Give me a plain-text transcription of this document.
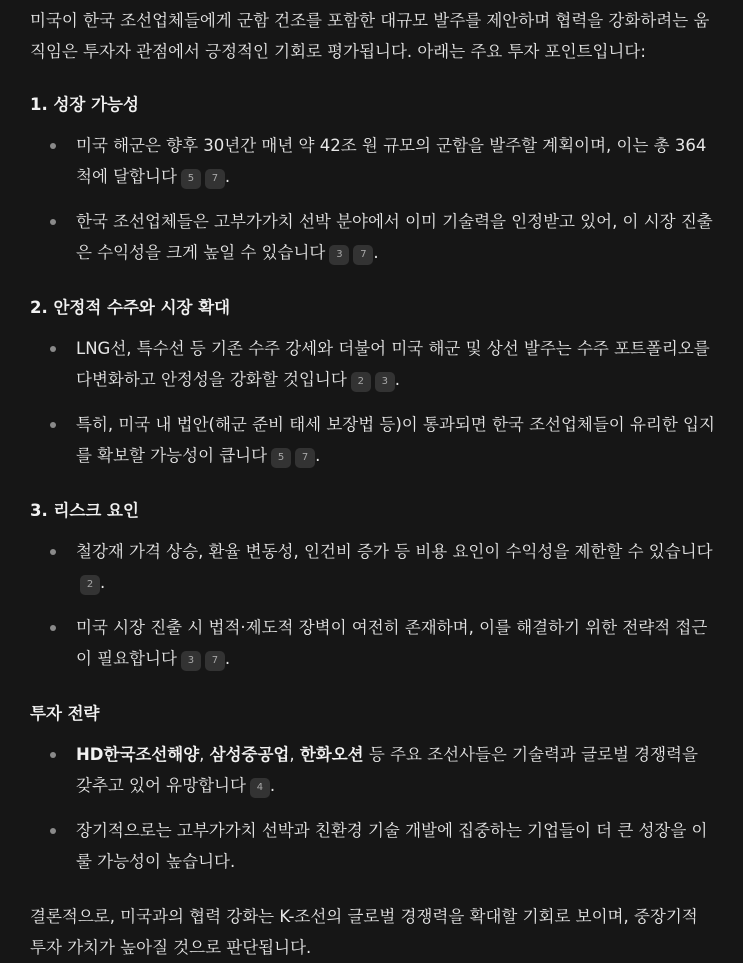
미국이 한국 조선업체들에게 군함 건조를 포함한 대규모 발주를 제안하며 협력을 강화하려는 움직임은 투자자 관점에서 긍정적인 기회로 평가됩니다. 아래는 주요 투자 포인트입니다:

1. 성장 가능성
미국 해군은 향후 30년간 매년 약 42조 원 규모의 군함을 발주할 계획이며, 이는 총 364척에 달합니다 5 7 .
한국 조선업체들은 고부가가치 선박 분야에서 이미 기술력을 인정받고 있어, 이 시장 진출은 수익성을 크게 높일 수 있습니다 3 7 .
2. 안정적 수주와 시장 확대
LNG선, 특수선 등 기존 수주 강세와 더불어 미국 해군 및 상선 발주는 수주 포트폴리오를 다변화하고 안정성을 강화할 것입니다 2 3 .
특히, 미국 내 법안(해군 준비 태세 보장법 등)이 통과되면 한국 조선업체들이 유리한 입지를 확보할 가능성이 큽니다 5 7 .
3. 리스크 요인
철강재 가격 상승, 환율 변동성, 인건비 증가 등 비용 요인이 수익성을 제한할 수 있습니다2 .
미국 시장 진출 시 법적·제도적 장벽이 여전히 존재하며, 이를 해결하기 위한 전략적 접근이 필요합니다 3 7 .
투자 전략
HD한국조선해양, 삼성중공업, 한화오션 등 주요 조선사들은 기술력과 글로벌 경쟁력을 갖추고 있어 유망합니다 4 .
장기적으로는 고부가가치 선박과 친환경 기술 개발에 집중하는 기업들이 더 큰 성장을 이룰 가능성이 높습니다.

결론적으로, 미국과의 협력 강화는 K-조선의 글로벌 경쟁력을 확대할 기회로 보이며, 중장기적 투자 가치가 높아질 것으로 판단됩니다.
